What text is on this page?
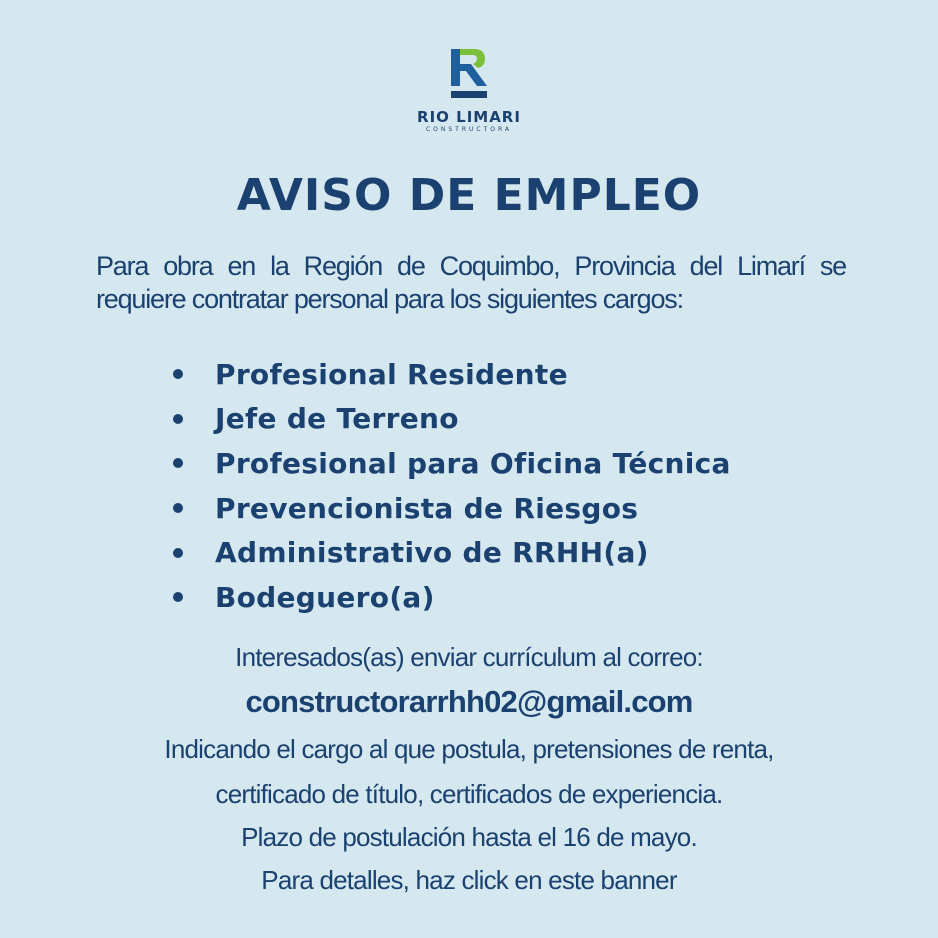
RIO LIMARI
CONSTRUCTORA
AVISO DE EMPLEO

Para obra en la Región de Coquimbo, Provincia del Limarí se requiere contratar personal para los siguientes cargos:

Profesional Residente
Jefe de Terreno
Profesional para Oficina Técnica
Prevencionista de Riesgos
Administrativo de RRHH(a)
Bodeguero(a)

Interesados(as) enviar currículum al correo:

constructorarrhh02@gmail.com

Indicando el cargo al que postula, pretensiones de renta,

certificado de título, certificados de experiencia.

Plazo de postulación hasta el 16 de mayo.

Para detalles, haz click en este banner
